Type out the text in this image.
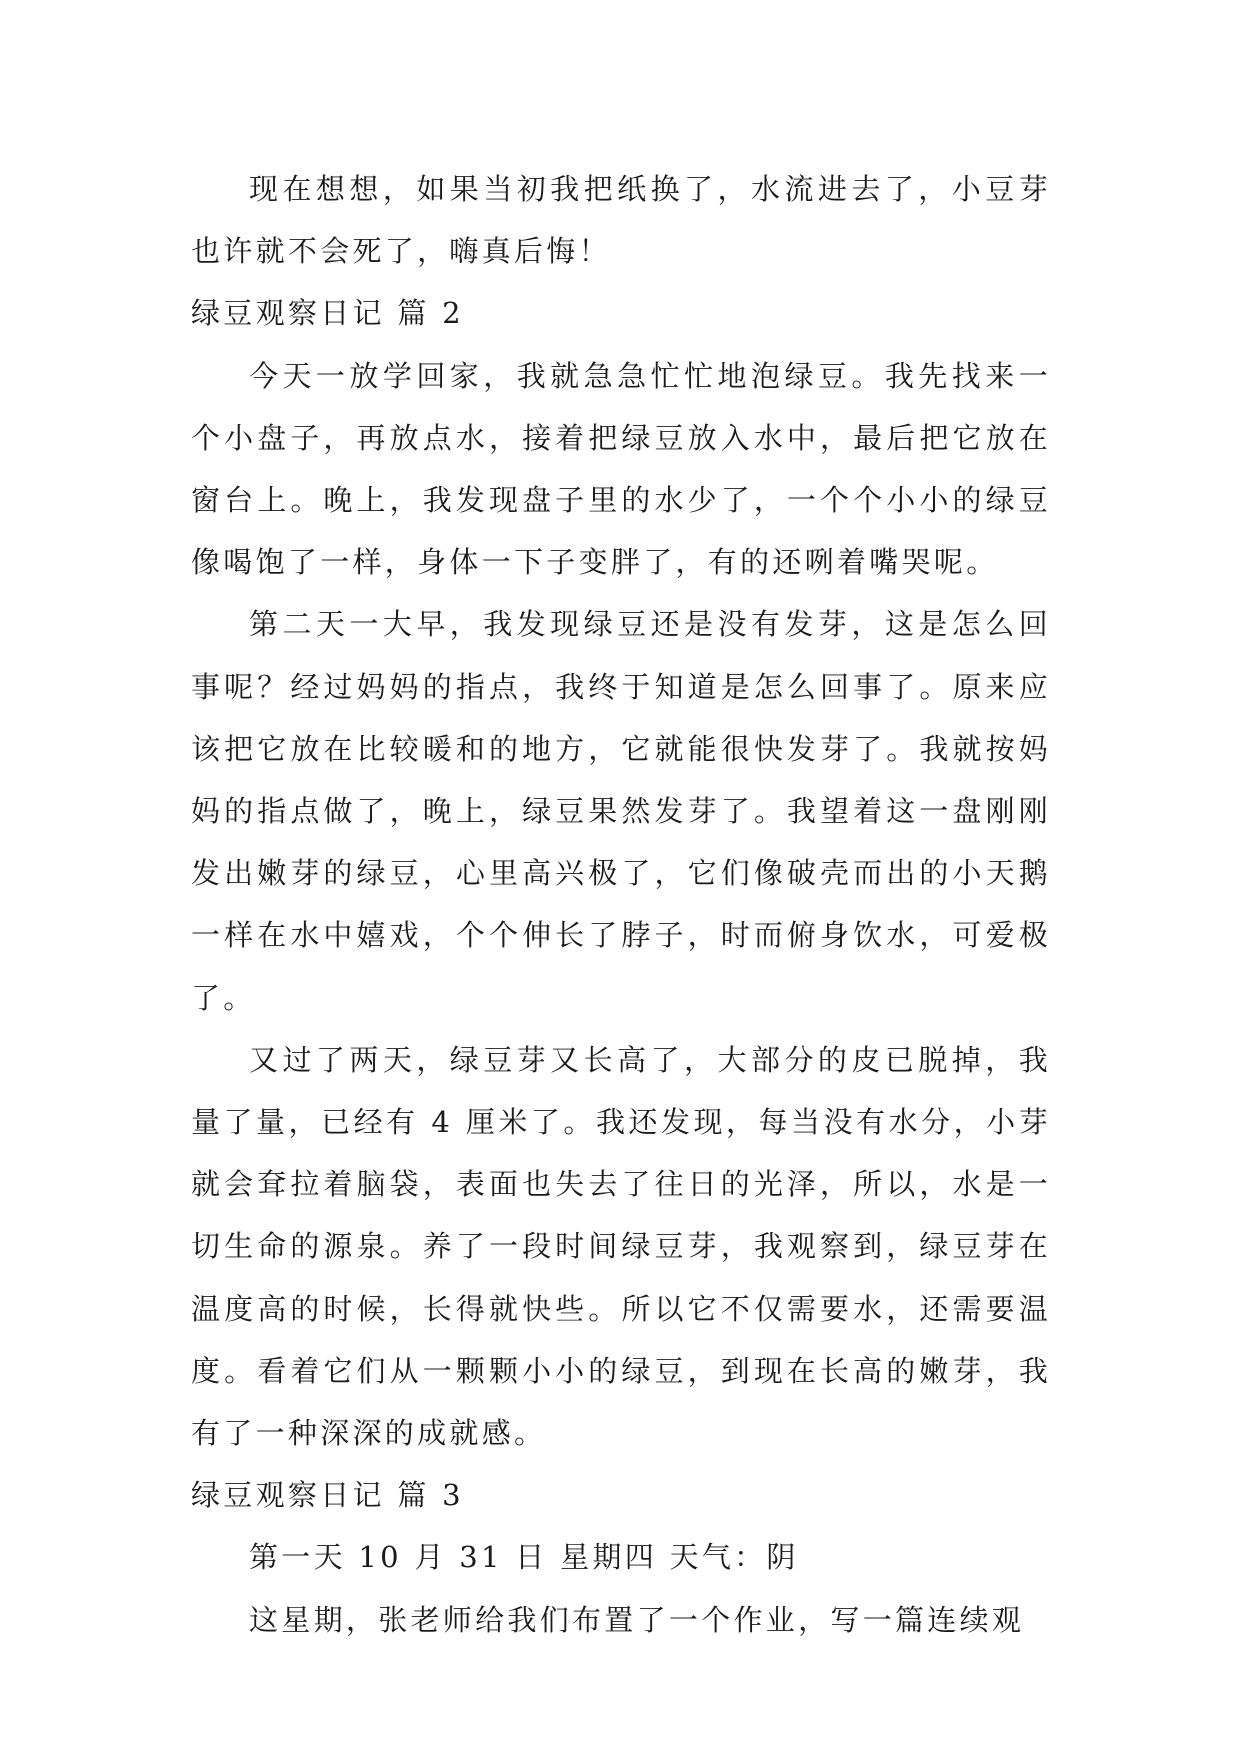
现在想想，如果当初我把纸换了，水流进去了，小豆芽也许就不会死了，嗨真后悔！

绿豆观察日记 篇 2

今天一放学回家，我就急急忙忙地泡绿豆。我先找来一个小盘子，再放点水，接着把绿豆放入水中，最后把它放在窗台上。晚上，我发现盘子里的水少了，一个个小小的绿豆像喝饱了一样，身体一下子变胖了，有的还咧着嘴哭呢。

第二天一大早，我发现绿豆还是没有发芽，这是怎么回事呢？经过妈妈的指点，我终于知道是怎么回事了。原来应该把它放在比较暖和的地方，它就能很快发芽了。我就按妈妈的指点做了，晚上，绿豆果然发芽了。我望着这一盘刚刚发出嫩芽的绿豆，心里高兴极了，它们像破壳而出的小天鹅一样在水中嬉戏，个个伸长了脖子，时而俯身饮水，可爱极了。

又过了两天，绿豆芽又长高了，大部分的皮已脱掉，我量了量，已经有 4 厘米了。我还发现，每当没有水分，小芽就会耷拉着脑袋，表面也失去了往日的光泽，所以，水是一切生命的源泉。养了一段时间绿豆芽，我观察到，绿豆芽在温度高的时候，长得就快些。所以它不仅需要水，还需要温度。看着它们从一颗颗小小的绿豆，到现在长高的嫩芽，我有了一种深深的成就感。

绿豆观察日记 篇 3

第一天 10 月 31 日 星期四 天气：阴

这星期，张老师给我们布置了一个作业，写一篇连续观
